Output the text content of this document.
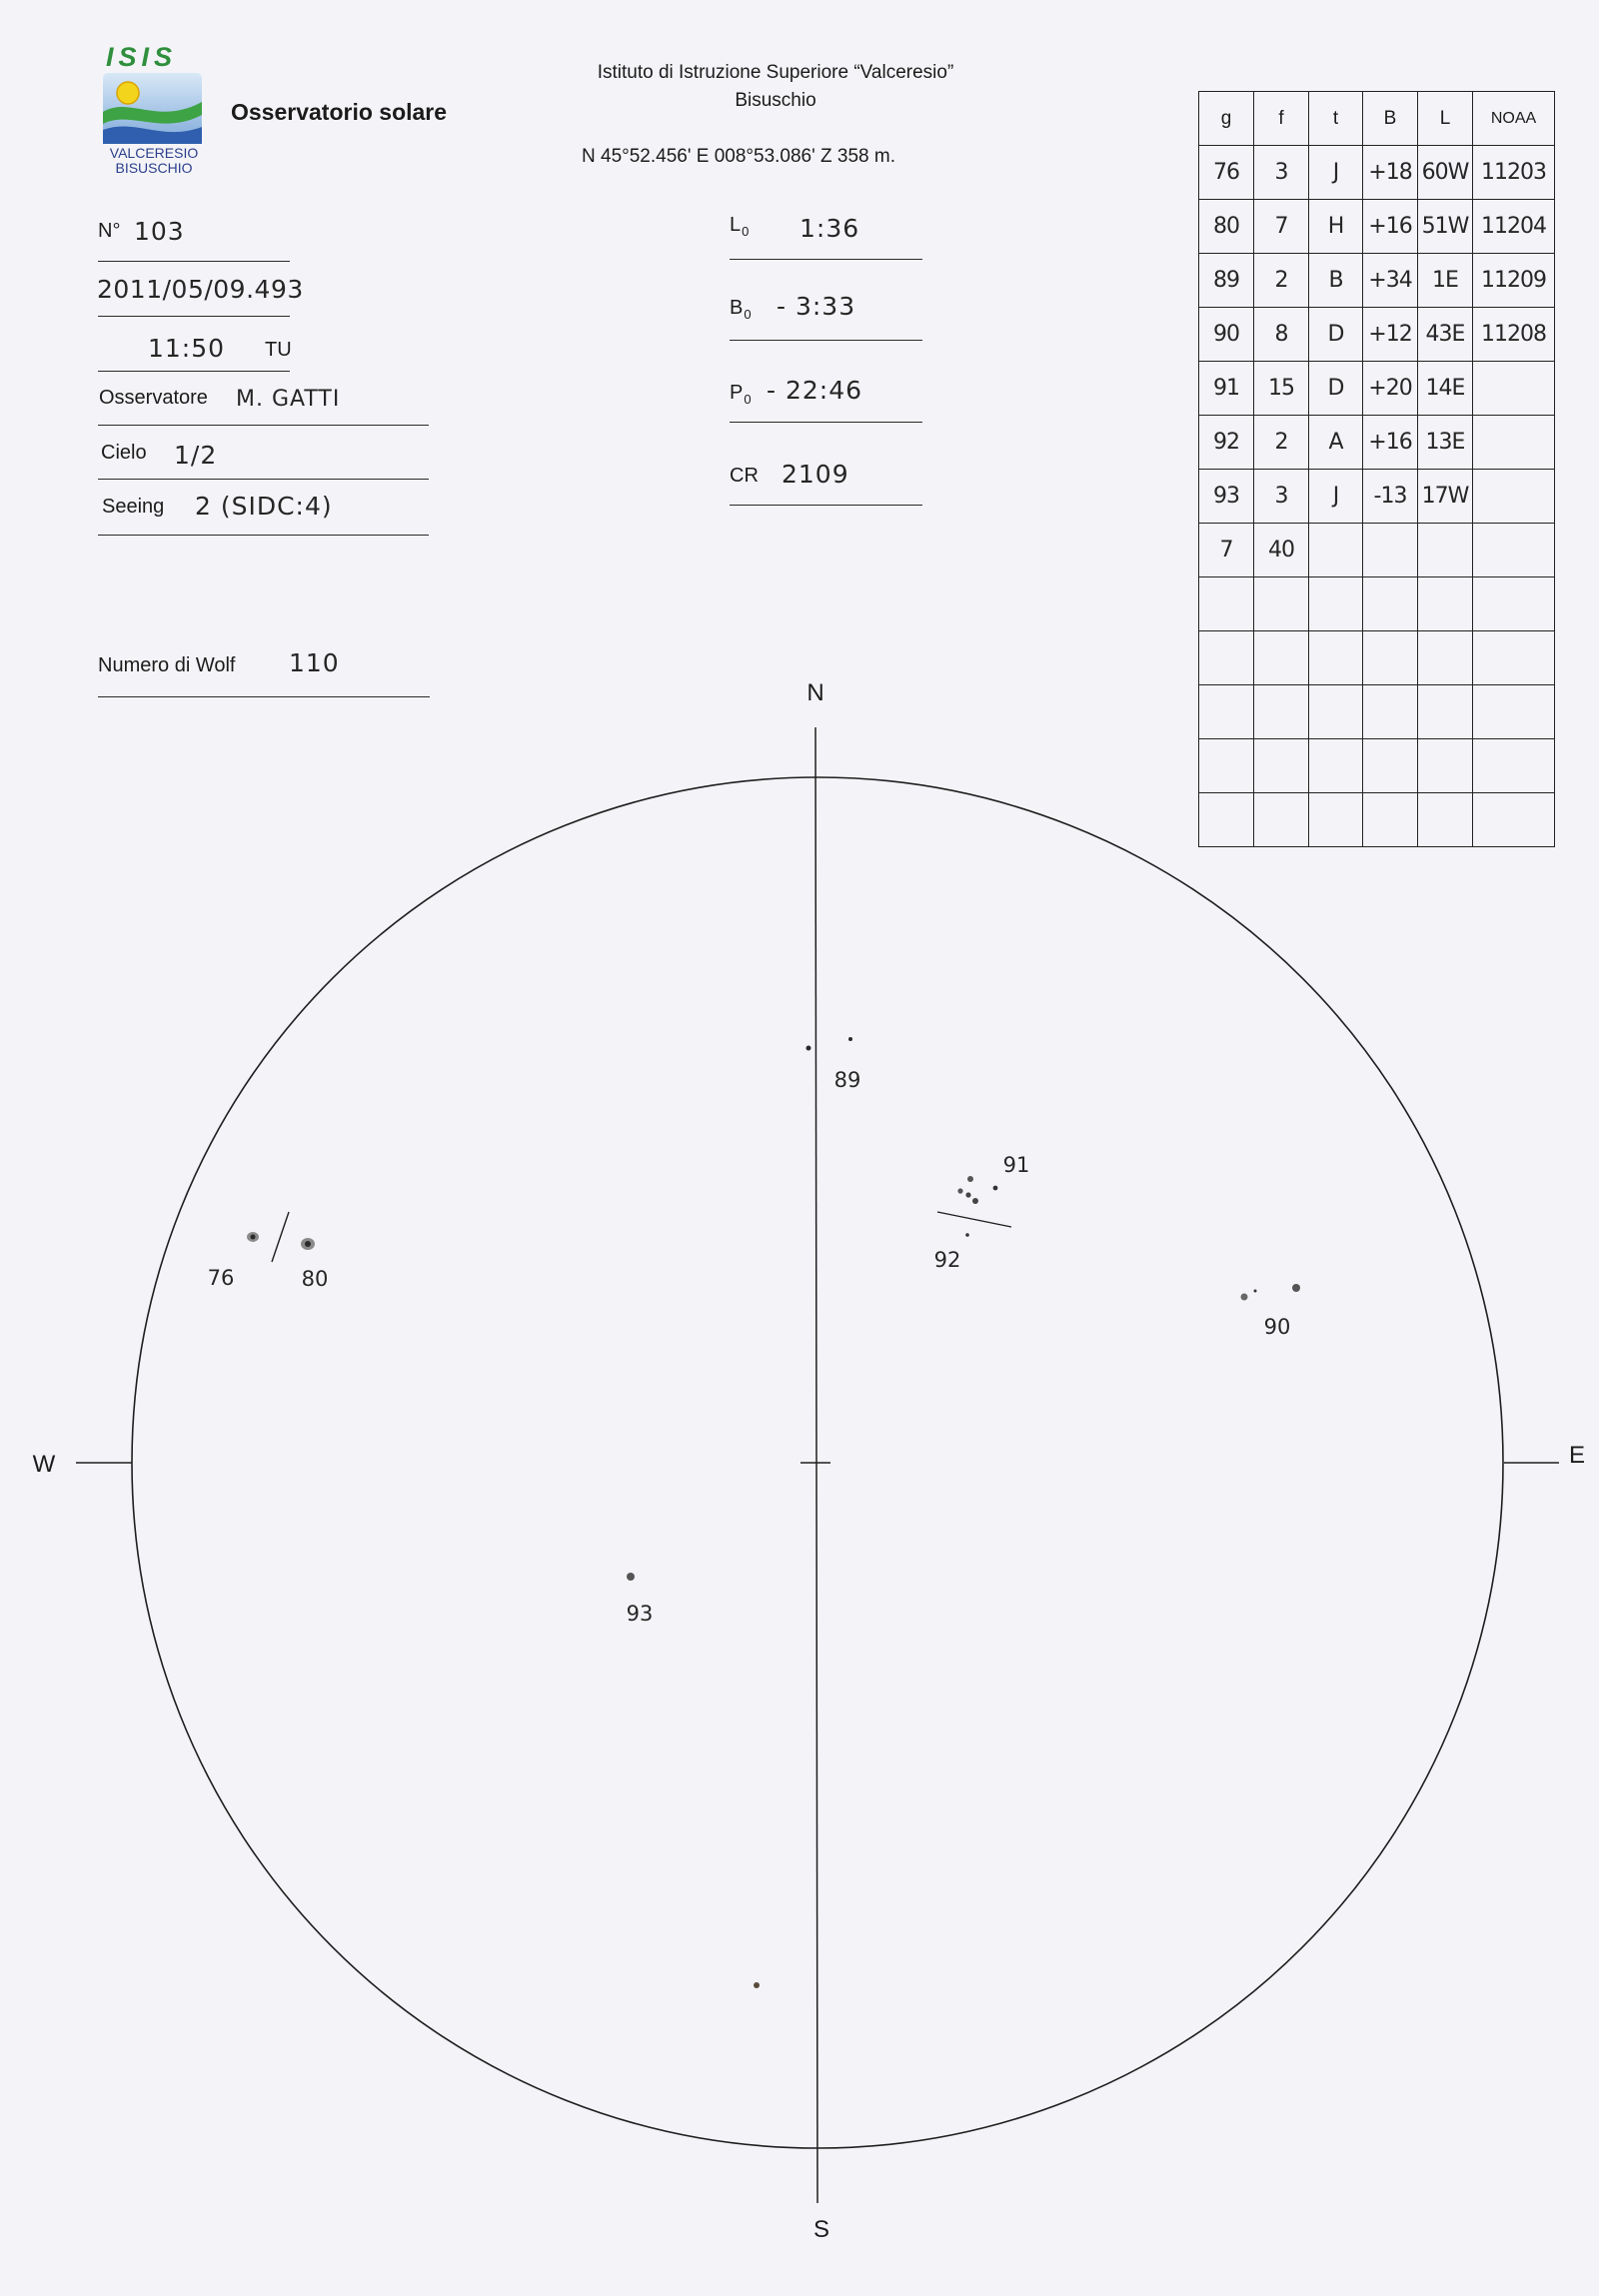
ISIS
VALCERESIO
BISUSCHIO
Osservatorio solare
Istituto di Istruzione Superiore “Valceresio”
Bisuschio
N 45°52.456' E 008°53.086' Z 358 m.
N° 103
2011/05/09.493
11:50 TU
Osservatore M. GATTI
Cielo 1/2
Seeing 2 (SIDC:4)
Numero di Wolf 110
$L_0$ 1:36
$B_0$ - 3:33
$P_0$ - 22:46
CR 2109
g	f	t	B	L	NOAA
76	3	J	+18	60W	11203
80	7	H	+16	51W	11204
89	2	B	+34	1E	11209
90	8	D	+12	43E	11208
91	15	D	+20	14E	
92	2	A	+16	13E	
93	3	J	-13	17W	
7	40				

N
S
W	E
76	80
89
91
92
90
93
